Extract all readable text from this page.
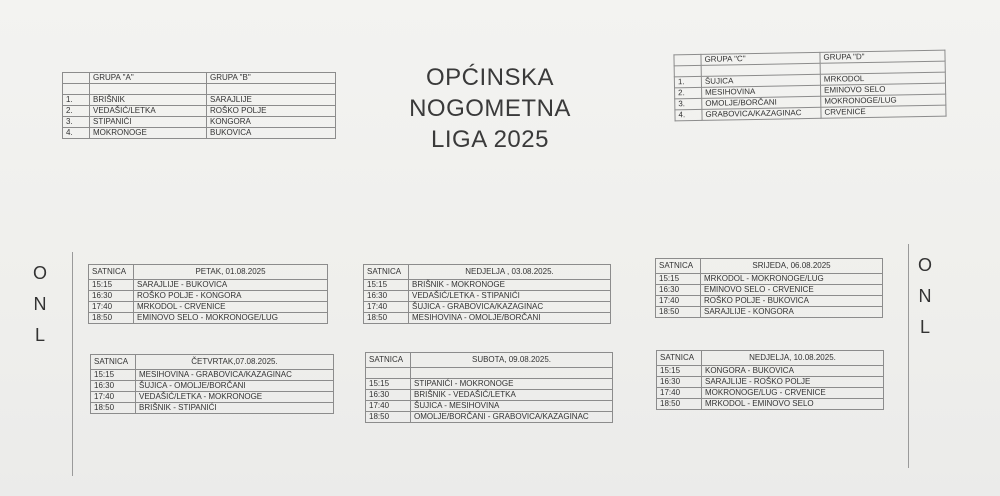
OPĆINSKA
NOGOMETNA
LIGA 2025
	GRUPA "A"	GRUPA "B"

1.	BRIŠNIK	SARAJLIJE
2.	VEDAŠIĆ/LETKA	ROŠKO POLJE
3.	STIPANIĆI	KONGORA
4.	MOKRONOGE	BUKOVICA
	GRUPA "C"	GRUPA "D"

1.	ŠUJICA	MRKODOL
2.	MESIHOVINA	EMINOVO SELO
3.	OMOLJE/BORČANI	MOKRONOGE/LUG
4.	GRABOVICA/KAZAGINAC	CRVENICE
O
N
L
O
N
L
SATNICA	PETAK, 01.08.2025
15:15	SARAJLIJE - BUKOVICA
16:30	ROŠKO POLJE - KONGORA
17:40	MRKODOL - CRVENICE
18:50	EMINOVO SELO - MOKRONOGE/LUG
SATNICA	NEDJELJA , 03.08.2025.
15:15	BRIŠNIK - MOKRONOGE
16:30	VEDAŠIĆ/LETKA - STIPANIĆI
17:40	ŠUJICA - GRABOVICA/KAZAGINAC
18:50	MESIHOVINA - OMOLJE/BORČANI
SATNICA	SRIJEDA, 06.08.2025
15:15	MRKODOL - MOKRONOGE/LUG
16:30	EMINOVO SELO - CRVENICE
17:40	ROŠKO POLJE - BUKOVICA
18:50	SARAJLIJE - KONGORA
SATNICA	ČETVRTAK,07.08.2025.
15:15	MESIHOVINA - GRABOVICA/KAZAGINAC
16:30	ŠUJICA - OMOLJE/BORČANI
17:40	VEDAŠIĆ/LETKA - MOKRONOGE
18:50	BRIŠNIK - STIPANIĆI
SATNICA	SUBOTA, 09.08.2025.

15:15	STIPANIĆI - MOKRONOGE
16:30	BRIŠNIK - VEDAŠIĆ/LETKA
17:40	ŠUJICA - MESIHOVINA
18:50	OMOLJE/BORČANI - GRABOVICA/KAZAGINAC
SATNICA	NEDJELJA, 10.08.2025.
15:15	KONGORA - BUKOVICA
16:30	SARAJLIJE - ROŠKO POLJE
17:40	MOKRONOGE/LUG - CRVENICE
18:50	MRKODOL - EMINOVO SELO
